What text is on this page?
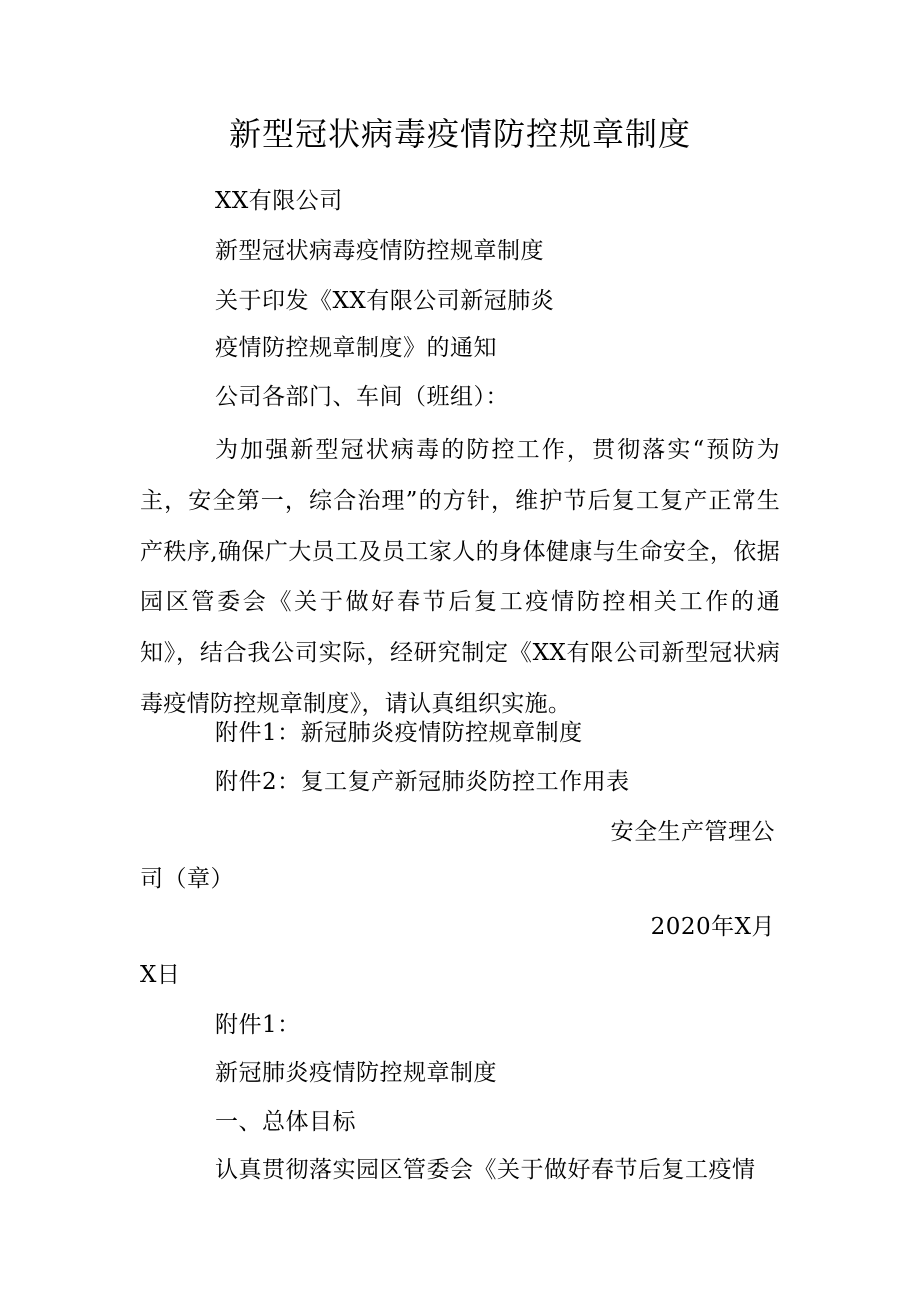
新型冠状病毒疫情防控规章制度
XX有限公司
新型冠状病毒疫情防控规章制度
关于印发《XX有限公司新冠肺炎
疫情防控规章制度》的通知
公司各部门、车间（班组）：
为加强新型冠状病毒的防控工作，贯彻落实“预防为主，安全第一，综合治理”的方针，维护节后复工复产正常生产秩序,确保广大员工及员工家人的身体健康与生命安全，依据园区管委会《关于做好春节后复工疫情防控相关工作的通知》，结合我公司实际，经研究制定《XX有限公司新型冠状病毒疫情防控规章制度》，请认真组织实施。
附件1：新冠肺炎疫情防控规章制度
附件2：复工复产新冠肺炎防控工作用表
安全生产管理公
司（章）
2020年X月
X日
附件1：
新冠肺炎疫情防控规章制度
一、总体目标
认真贯彻落实园区管委会《关于做好春节后复工疫情
